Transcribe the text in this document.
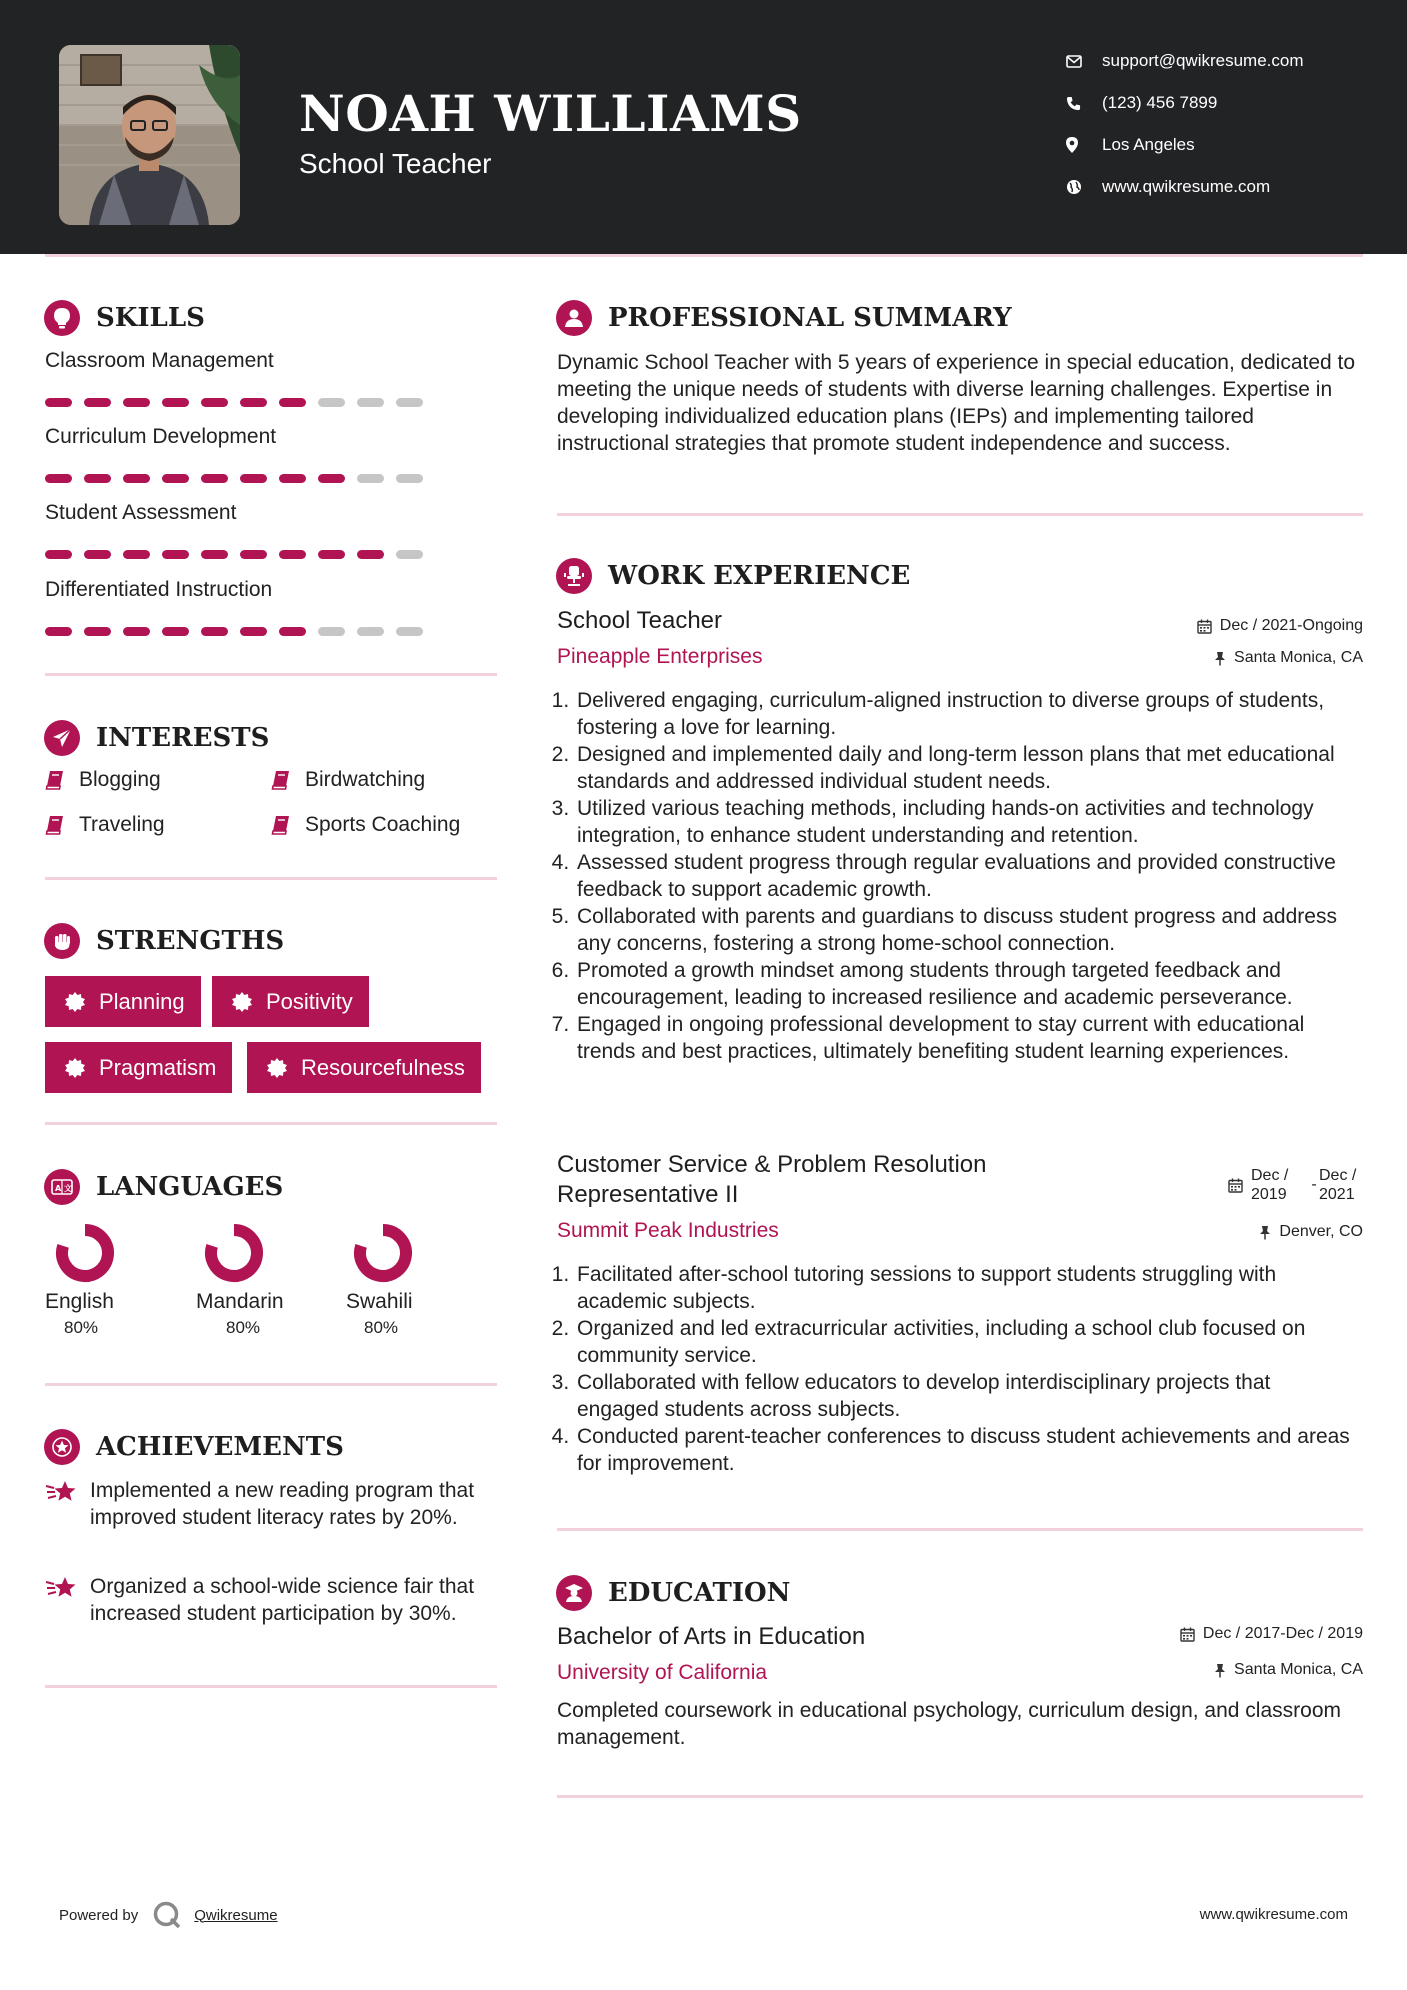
NOAH WILLIAMS
School Teacher
support@qwikresume.com
(123) 456 7899
Los Angeles
www.qwikresume.com
SKILLS
Classroom Management
Curriculum Development
Student Assessment
Differentiated Instruction
INTERESTS
Blogging	Birdwatching
Traveling	Sports Coaching
STRENGTHS
Planning	Positivity
Pragmatism	Resourcefulness
A 文 LANGUAGES
English
80%
Mandarin
80%
Swahili
80%
ACHIEVEMENTS
Implemented a new reading program that improved student literacy rates by 20%.
Organized a school-wide science fair that increased student participation by 30%.
PROFESSIONAL SUMMARY
Dynamic School Teacher with 5 years of experience in special education, dedicated to meeting the unique needs of students with diverse learning challenges. Expertise in developing individualized education plans (IEPs) and implementing tailored instructional strategies that promote student independence and success.
WORK EXPERIENCE
School Teacher	Dec / 2021-Ongoing
Pineapple Enterprises	Santa Monica, CA
1. Delivered engaging, curriculum-aligned instruction to diverse groups of students, fostering a love for learning.
2. Designed and implemented daily and long-term lesson plans that met educational standards and addressed individual student needs.
3. Utilized various teaching methods, including hands-on activities and technology integration, to enhance student understanding and retention.
4. Assessed student progress through regular evaluations and provided constructive feedback to support academic growth.
5. Collaborated with parents and guardians to discuss student progress and address any concerns, fostering a strong home-school connection.
6. Promoted a growth mindset among students through targeted feedback and encouragement, leading to increased resilience and academic perseverance.
7. Engaged in ongoing professional development to stay current with educational trends and best practices, ultimately benefiting student learning experiences.
Customer Service & Problem Resolution Representative II
Dec / 2019
-
Dec / 2021
Summit Peak Industries	Denver, CO
1. Facilitated after-school tutoring sessions to support students struggling with academic subjects.
2. Organized and led extracurricular activities, including a school club focused on community service.
3. Collaborated with fellow educators to develop interdisciplinary projects that engaged students across subjects.
4. Conducted parent-teacher conferences to discuss student achievements and areas for improvement.
EDUCATION
Bachelor of Arts in Education	Dec / 2017-Dec / 2019
University of California	Santa Monica, CA
Completed coursework in educational psychology, curriculum design, and classroom management.
Powered by	Qwikresume	www.qwikresume.com
